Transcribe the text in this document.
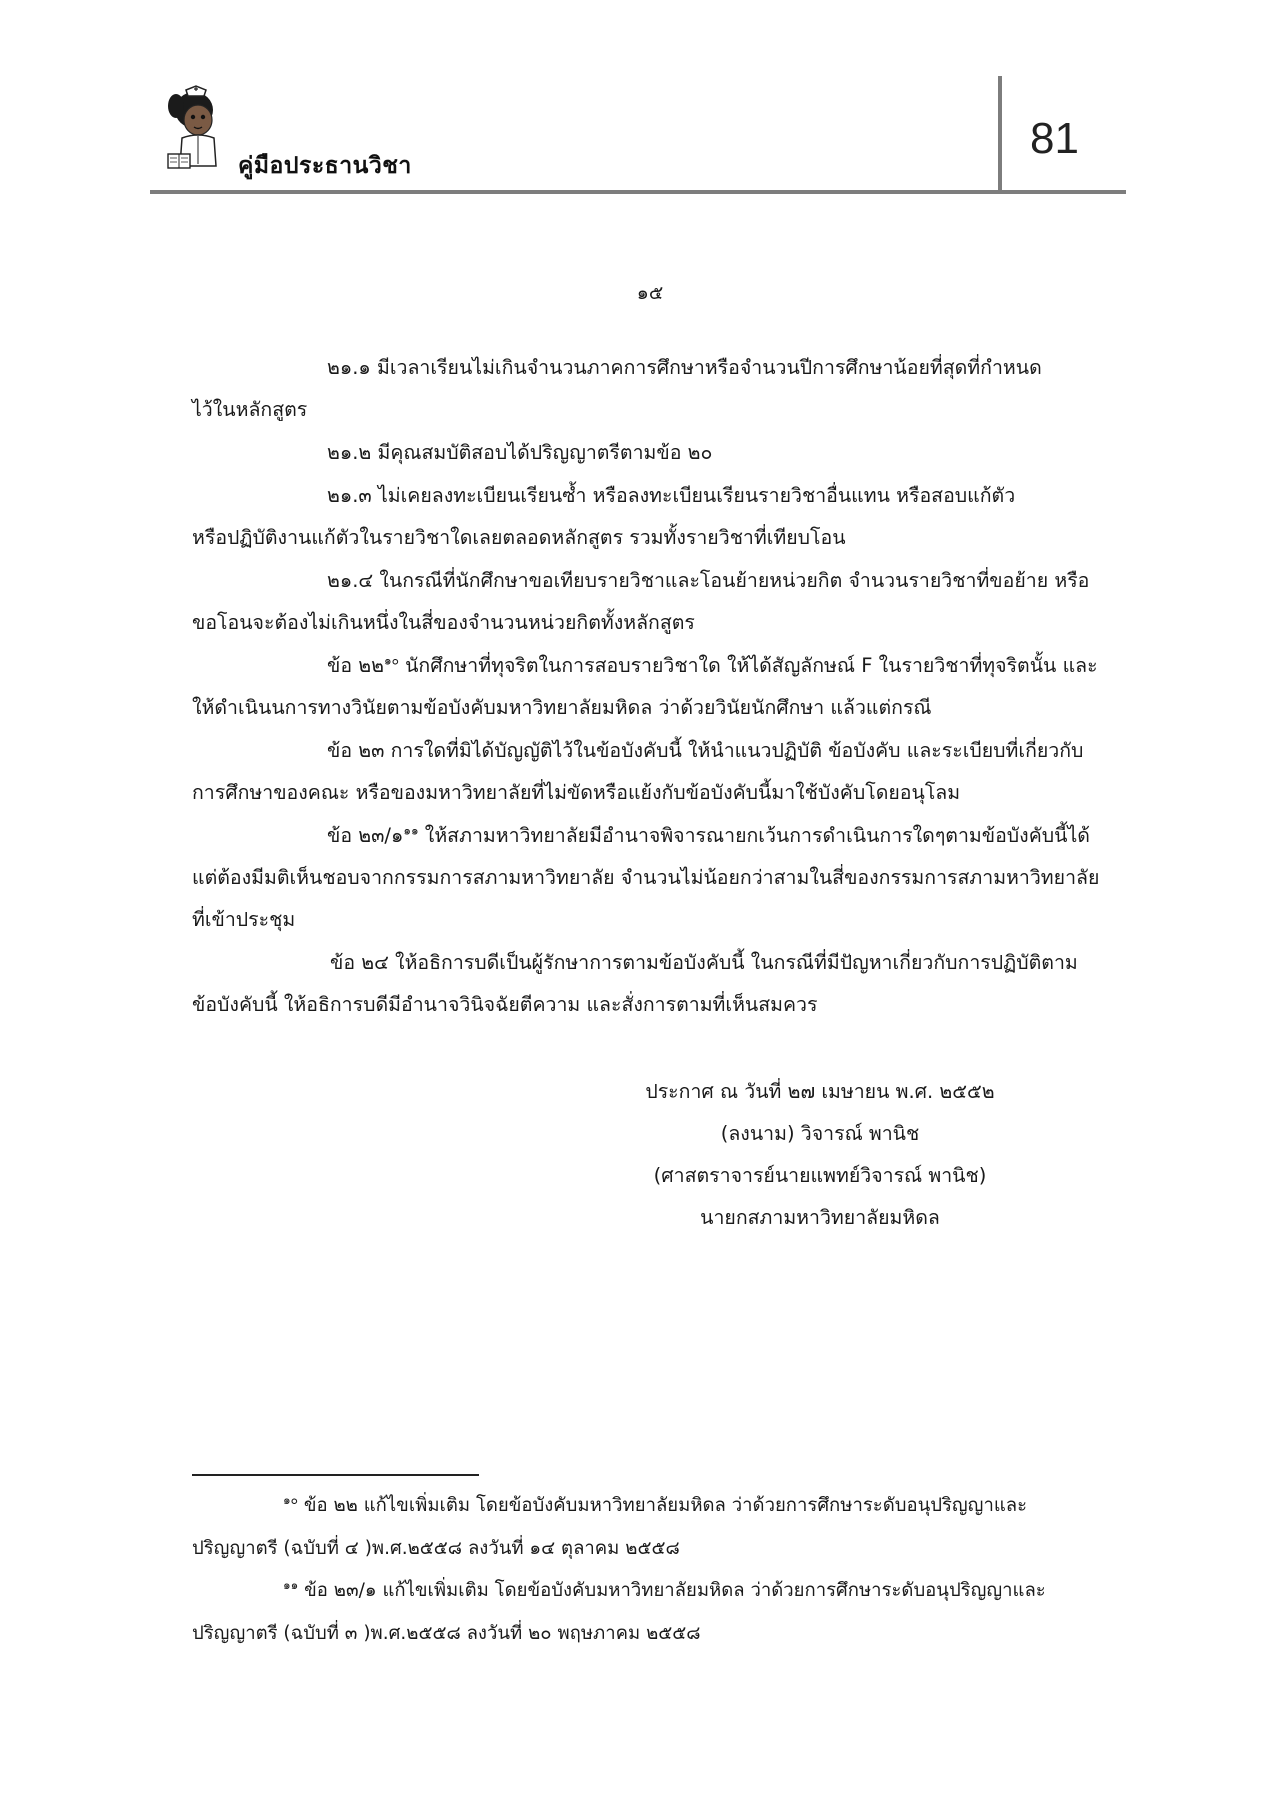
คู่มือประธานวิชา
81
๑๕
๒๑.๑ มีเวลาเรียนไม่เกินจำนวนภาคการศึกษาหรือจำนวนปีการศึกษาน้อยที่สุดที่กำหนด
ไว้ในหลักสูตร
๒๑.๒ มีคุณสมบัติสอบได้ปริญญาตรีตามข้อ ๒๐
๒๑.๓ ไม่เคยลงทะเบียนเรียนซ้ำ หรือลงทะเบียนเรียนรายวิชาอื่นแทน หรือสอบแก้ตัว
หรือปฏิบัติงานแก้ตัวในรายวิชาใดเลยตลอดหลักสูตร รวมทั้งรายวิชาที่เทียบโอน
๒๑.๔ ในกรณีที่นักศึกษาขอเทียบรายวิชาและโอนย้ายหน่วยกิต จำนวนรายวิชาที่ขอย้าย หรือ
ขอโอนจะต้องไม่เกินหนึ่งในสี่ของจำนวนหน่วยกิตทั้งหลักสูตร
ข้อ ๒๒$^{๑๐}$ นักศึกษาที่ทุจริตในการสอบรายวิชาใด ให้ได้สัญลักษณ์ F ในรายวิชาที่ทุจริตนั้น และ
ให้ดำเนินนการทางวินัยตามข้อบังคับมหาวิทยาลัยมหิดล ว่าด้วยวินัยนักศึกษา แล้วแต่กรณี
ข้อ ๒๓ การใดที่มิได้บัญญัติไว้ในข้อบังคับนี้ ให้นำแนวปฏิบัติ ข้อบังคับ และระเบียบที่เกี่ยวกับ
การศึกษาของคณะ หรือของมหาวิทยาลัยที่ไม่ขัดหรือแย้งกับข้อบังคับนี้มาใช้บังคับโดยอนุโลม
ข้อ ๒๓/๑$^{๑๑}$ ให้สภามหาวิทยาลัยมีอำนาจพิจารณายกเว้นการดำเนินการใดๆตามข้อบังคับนี้ได้
แต่ต้องมีมติเห็นชอบจากกรรมการสภามหาวิทยาลัย จำนวนไม่น้อยกว่าสามในสี่ของกรรมการสภามหาวิทยาลัย
ที่เข้าประชุม
ข้อ ๒๔ ให้อธิการบดีเป็นผู้รักษาการตามข้อบังคับนี้ ในกรณีที่มีปัญหาเกี่ยวกับการปฏิบัติตาม
ข้อบังคับนี้ ให้อธิการบดีมีอำนาจวินิจฉัยตีความ และสั่งการตามที่เห็นสมควร
ประกาศ ณ วันที่ ๒๗ เมษายน พ.ศ. ๒๕๕๒
(ลงนาม) วิจารณ์ พานิช
(ศาสตราจารย์นายแพทย์วิจารณ์ พานิช)
นายกสภามหาวิทยาลัยมหิดล
$^{๑๐}$ ข้อ ๒๒ แก้ไขเพิ่มเติม โดยข้อบังคับมหาวิทยาลัยมหิดล ว่าด้วยการศึกษาระดับอนุปริญญาและ
ปริญญาตรี (ฉบับที่ ๔ )พ.ศ.๒๕๕๘ ลงวันที่ ๑๔ ตุลาคม ๒๕๕๘
$^{๑๑}$ ข้อ ๒๓/๑ แก้ไขเพิ่มเติม โดยข้อบังคับมหาวิทยาลัยมหิดล ว่าด้วยการศึกษาระดับอนุปริญญาและ
ปริญญาตรี (ฉบับที่ ๓ )พ.ศ.๒๕๕๘ ลงวันที่ ๒๐ พฤษภาคม ๒๕๕๘
